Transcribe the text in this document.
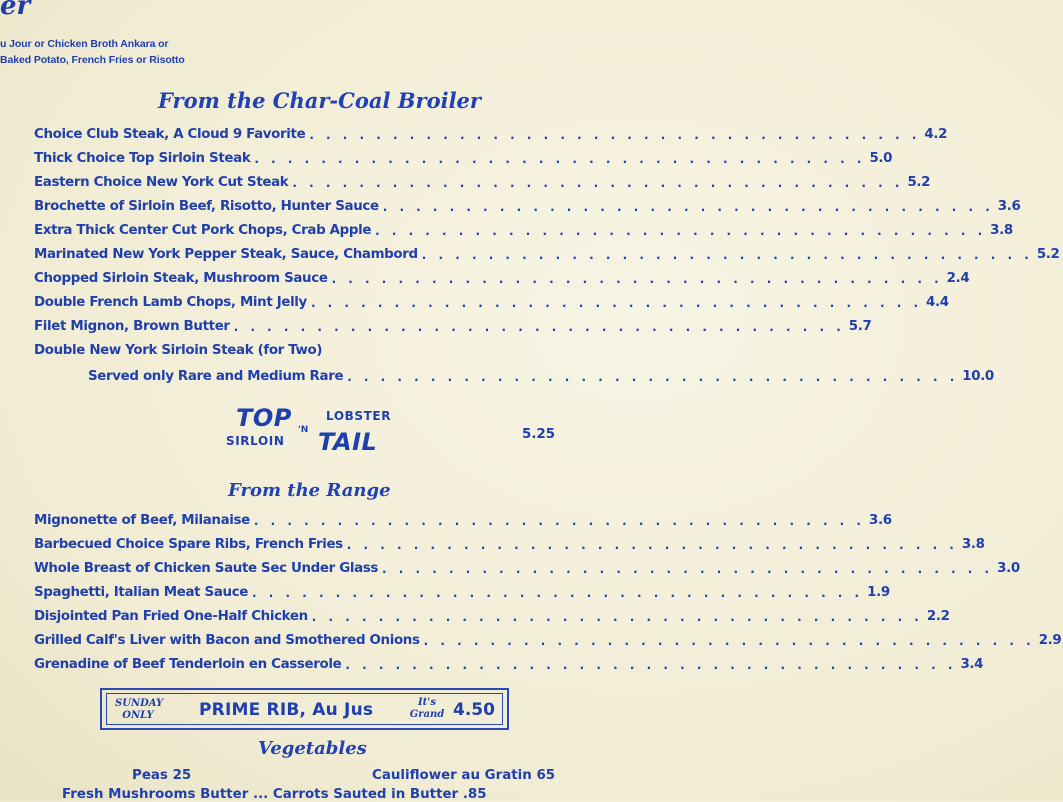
er
u Jour or Chicken Broth Ankara or
Baked Potato, French Fries or Risotto
From the Char-Coal Broiler
Choice Club Steak, A Cloud 9 Favorite . . . . . . . . . . . . . . . . . . . . . . . . . . . . . . . . . . . . . 4.2
Thick Choice Top Sirloin Steak . . . . . . . . . . . . . . . . . . . . . . . . . . . . . . . . . . . . . 5.0
Eastern Choice New York Cut Steak . . . . . . . . . . . . . . . . . . . . . . . . . . . . . . . . . . . . . 5.2
Brochette of Sirloin Beef, Risotto, Hunter Sauce . . . . . . . . . . . . . . . . . . . . . . . . . . . . . . . . . . . . . 3.6
Extra Thick Center Cut Pork Chops, Crab Apple . . . . . . . . . . . . . . . . . . . . . . . . . . . . . . . . . . . . . 3.8
Marinated New York Pepper Steak, Sauce, Chambord . . . . . . . . . . . . . . . . . . . . . . . . . . . . . . . . . . . . . 5.2
Chopped Sirloin Steak, Mushroom Sauce . . . . . . . . . . . . . . . . . . . . . . . . . . . . . . . . . . . . . 2.4
Double French Lamb Chops, Mint Jelly . . . . . . . . . . . . . . . . . . . . . . . . . . . . . . . . . . . . . 4.4
Filet Mignon, Brown Butter . . . . . . . . . . . . . . . . . . . . . . . . . . . . . . . . . . . . . 5.7
Double New York Sirloin Steak (for Two)
Served only Rare and Medium Rare . . . . . . . . . . . . . . . . . . . . . . . . . . . . . . . . . . . . . 10.0
TOP
SIRLOIN
'N
LOBSTER
TAIL	5.25
From the Range
Mignonette of Beef, Milanaise . . . . . . . . . . . . . . . . . . . . . . . . . . . . . . . . . . . . . 3.6
Barbecued Choice Spare Ribs, French Fries . . . . . . . . . . . . . . . . . . . . . . . . . . . . . . . . . . . . . 3.8
Whole Breast of Chicken Saute Sec Under Glass . . . . . . . . . . . . . . . . . . . . . . . . . . . . . . . . . . . . . 3.0
Spaghetti, Italian Meat Sauce . . . . . . . . . . . . . . . . . . . . . . . . . . . . . . . . . . . . . 1.9
Disjointed Pan Fried One-Half Chicken . . . . . . . . . . . . . . . . . . . . . . . . . . . . . . . . . . . . . 2.2
Grilled Calf's Liver with Bacon and Smothered Onions . . . . . . . . . . . . . . . . . . . . . . . . . . . . . . . . . . . . . 2.9
Grenadine of Beef Tenderloin en Casserole . . . . . . . . . . . . . . . . . . . . . . . . . . . . . . . . . . . . . 3.4
SUNDAY
ONLY	PRIME RIB, Au Jus	It's
Grand 4.50
Vegetables
Peas 25	Cauliflower au Gratin 65
Fresh Mushrooms Butter ... Carrots Sauted in Butter .85
